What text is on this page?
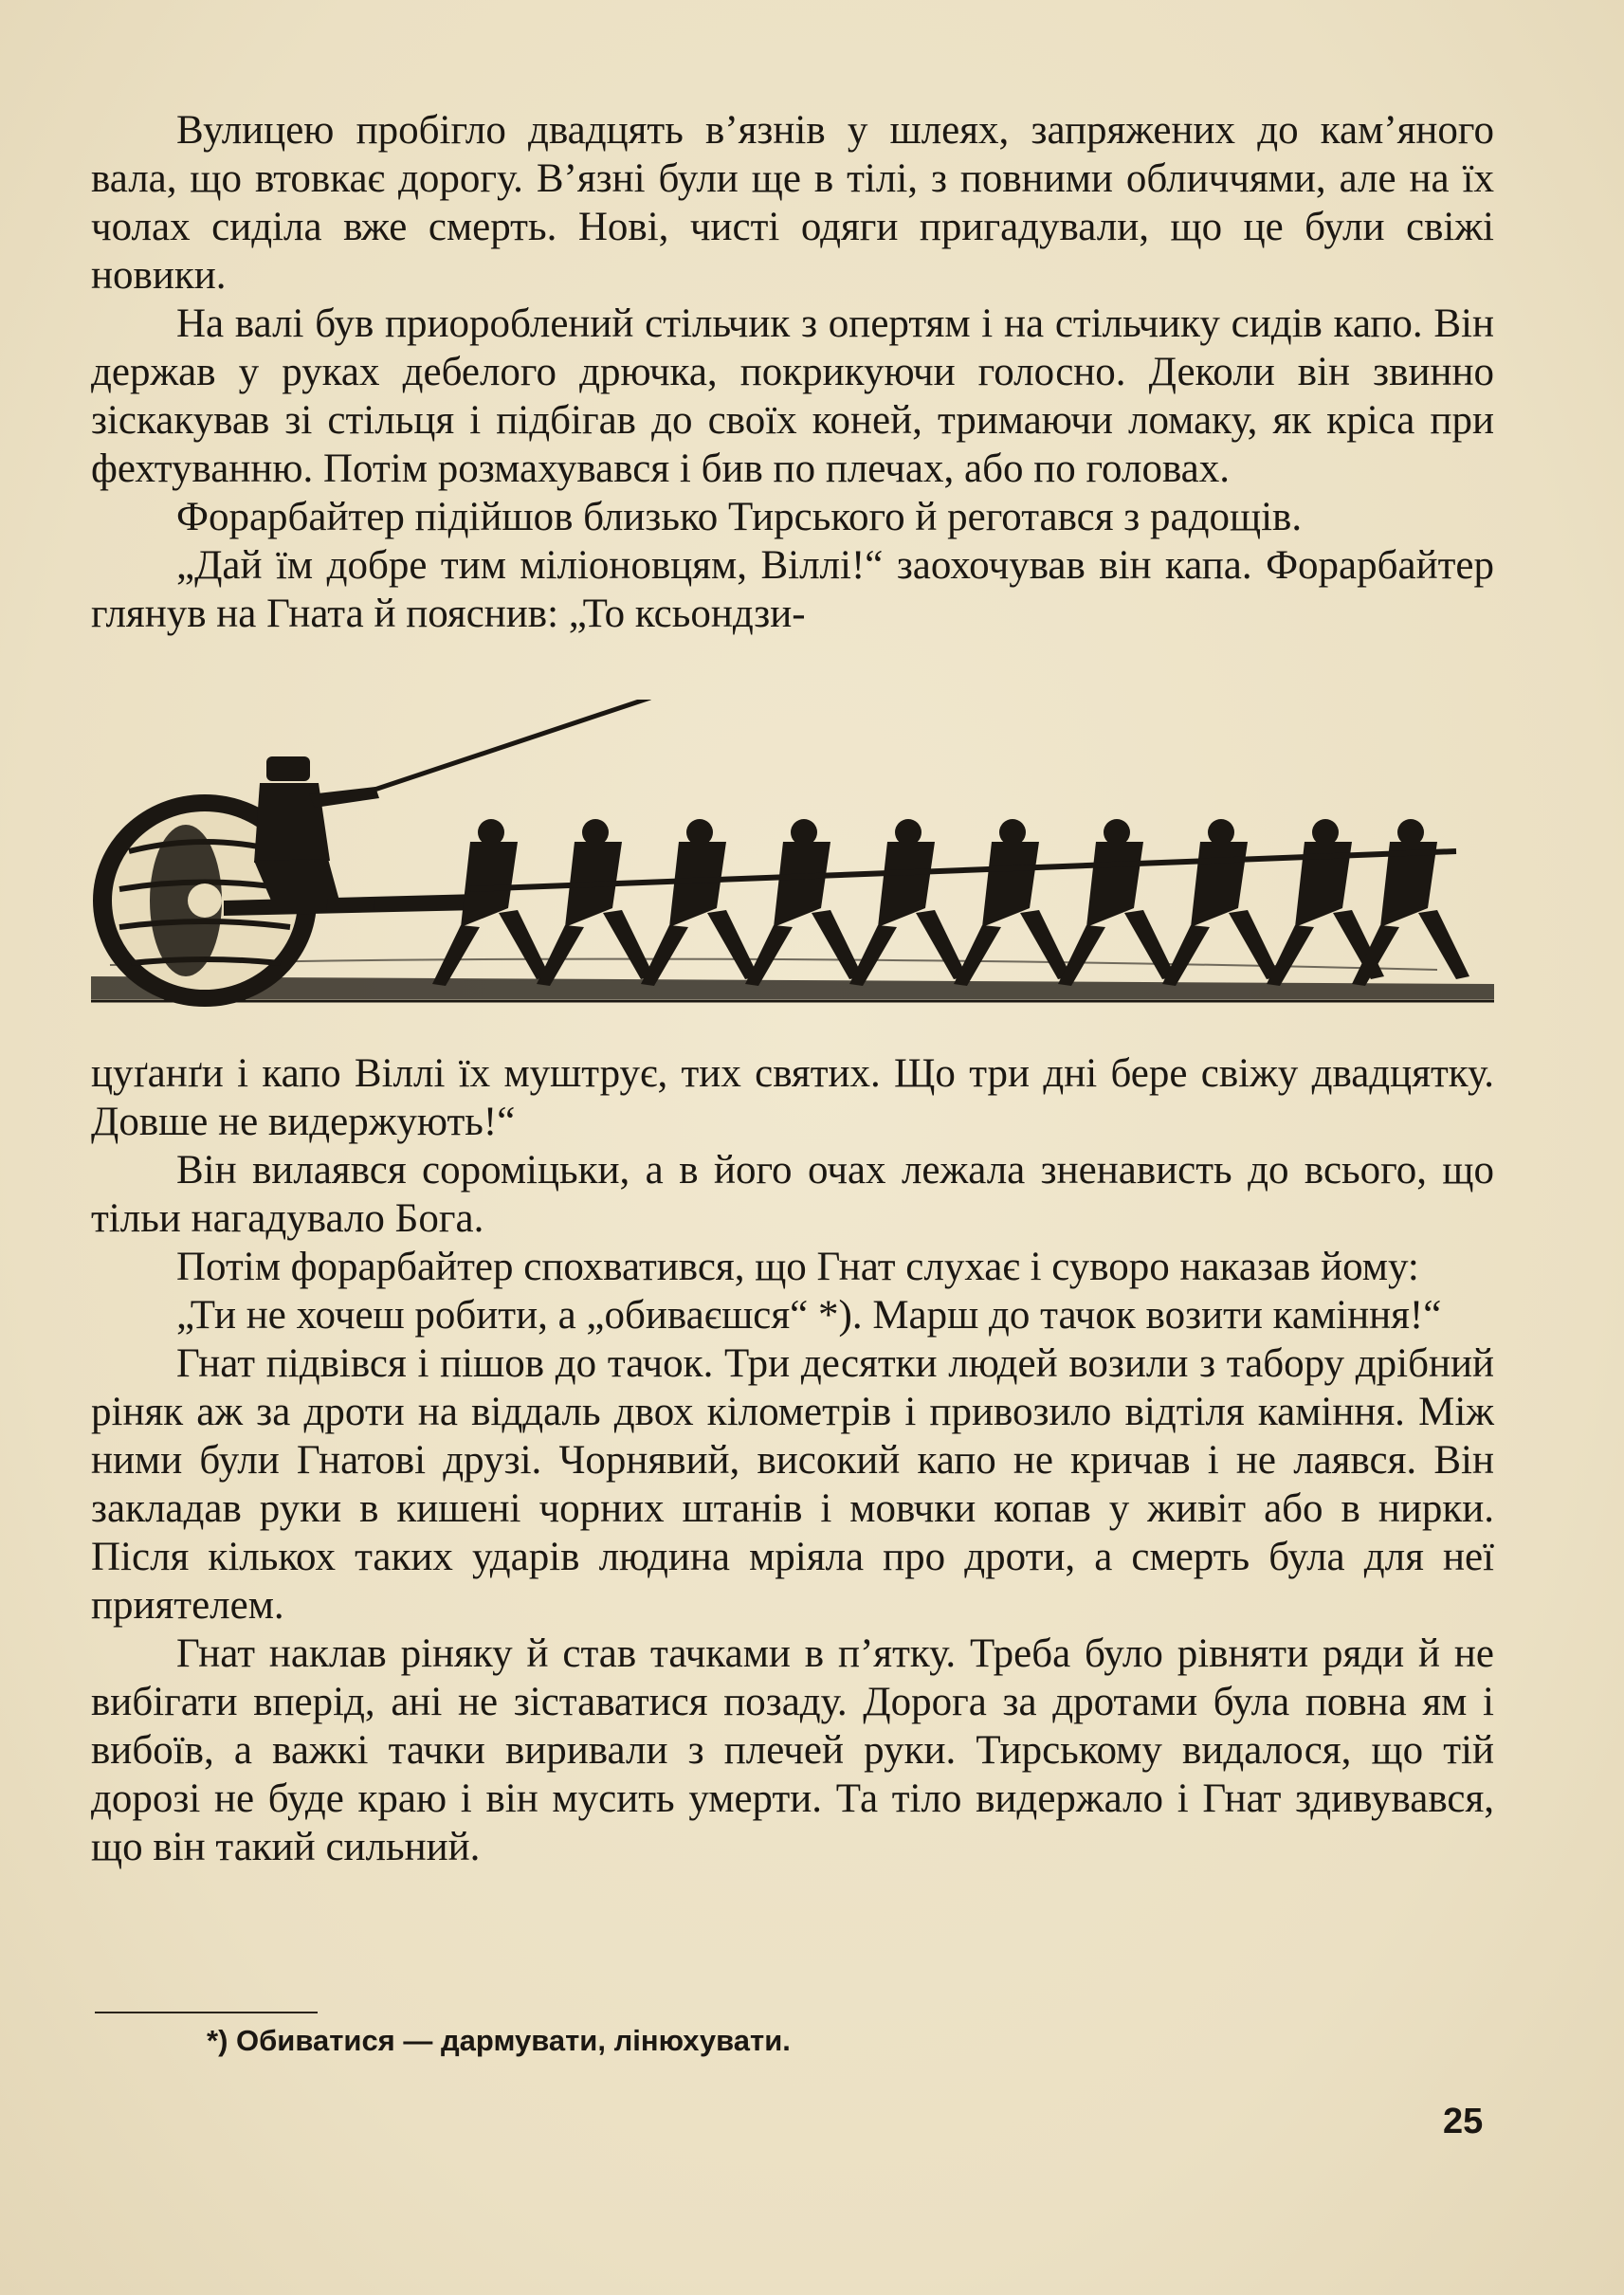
Вулицею пробігло двадцять в’язнів у шлеях, запряжених до кам’яного вала, що втовкає дорогу. В’язні були ще в тілі, з повними обличчями, але на їх чолах сиділа вже смерть. Нові, чисті одяги пригадували, що це були свіжі новики.

На валі був приороблений стільчик з опертям і на стільчику сидів капо. Він держав у руках дебелого дрючка, покрикуючи голосно. Деколи він звинно зіскакував зі стільця і підбігав до своїх коней, тримаючи ломаку, як кріса при фехтуванню. Потім розмахувався і бив по плечах, або по головах.

Форарбайтер підійшов близько Тирського й реготався з радощів.

„Дай їм добре тим міліоновцям, Віллі!“ заохочував він капа. Форарбайтер глянув на Гната й пояснив: „То ксьондзи-

цуґанґи і капо Віллі їх муштрує, тих святих. Що три дні бере свіжу двадцятку. Довше не видержують!“

Він вилаявся сороміцьки, а в його очах лежала зненависть до всього, що тільи нагадувало Бога.

Потім форарбайтер спохватився, що Гнат слухає і суворо наказав йому:

„Ти не хочеш робити, а „обиваєшся“ *). Марш до тачок возити каміння!“

Гнат підвівся і пішов до тачок. Три десятки людей возили з табору дрібний ріняк аж за дроти на віддаль двох кілометрів і привозило відтіля каміння. Між ними були Гнатові друзі. Чорнявий, високий капо не кричав і не лаявся. Він закладав руки в кишені чорних штанів і мовчки копав у живіт або в нирки. Після кількох таких ударів людина мріяла про дроти, а смерть була для неї приятелем.

Гнат наклав ріняку й став тачками в п’ятку. Треба було рівняти ряди й не вибігати вперід, ані не зіставатися позаду. Дорога за дротами була повна ям і вибоїв, а важкі тачки виривали з плечей руки. Тирському видалося, що тій дорозі не буде краю і він мусить умерти. Та тіло видержало і Гнат здивувався, що він такий сильний.

*) Обиватися — дармувати, лінюхувати.
25
